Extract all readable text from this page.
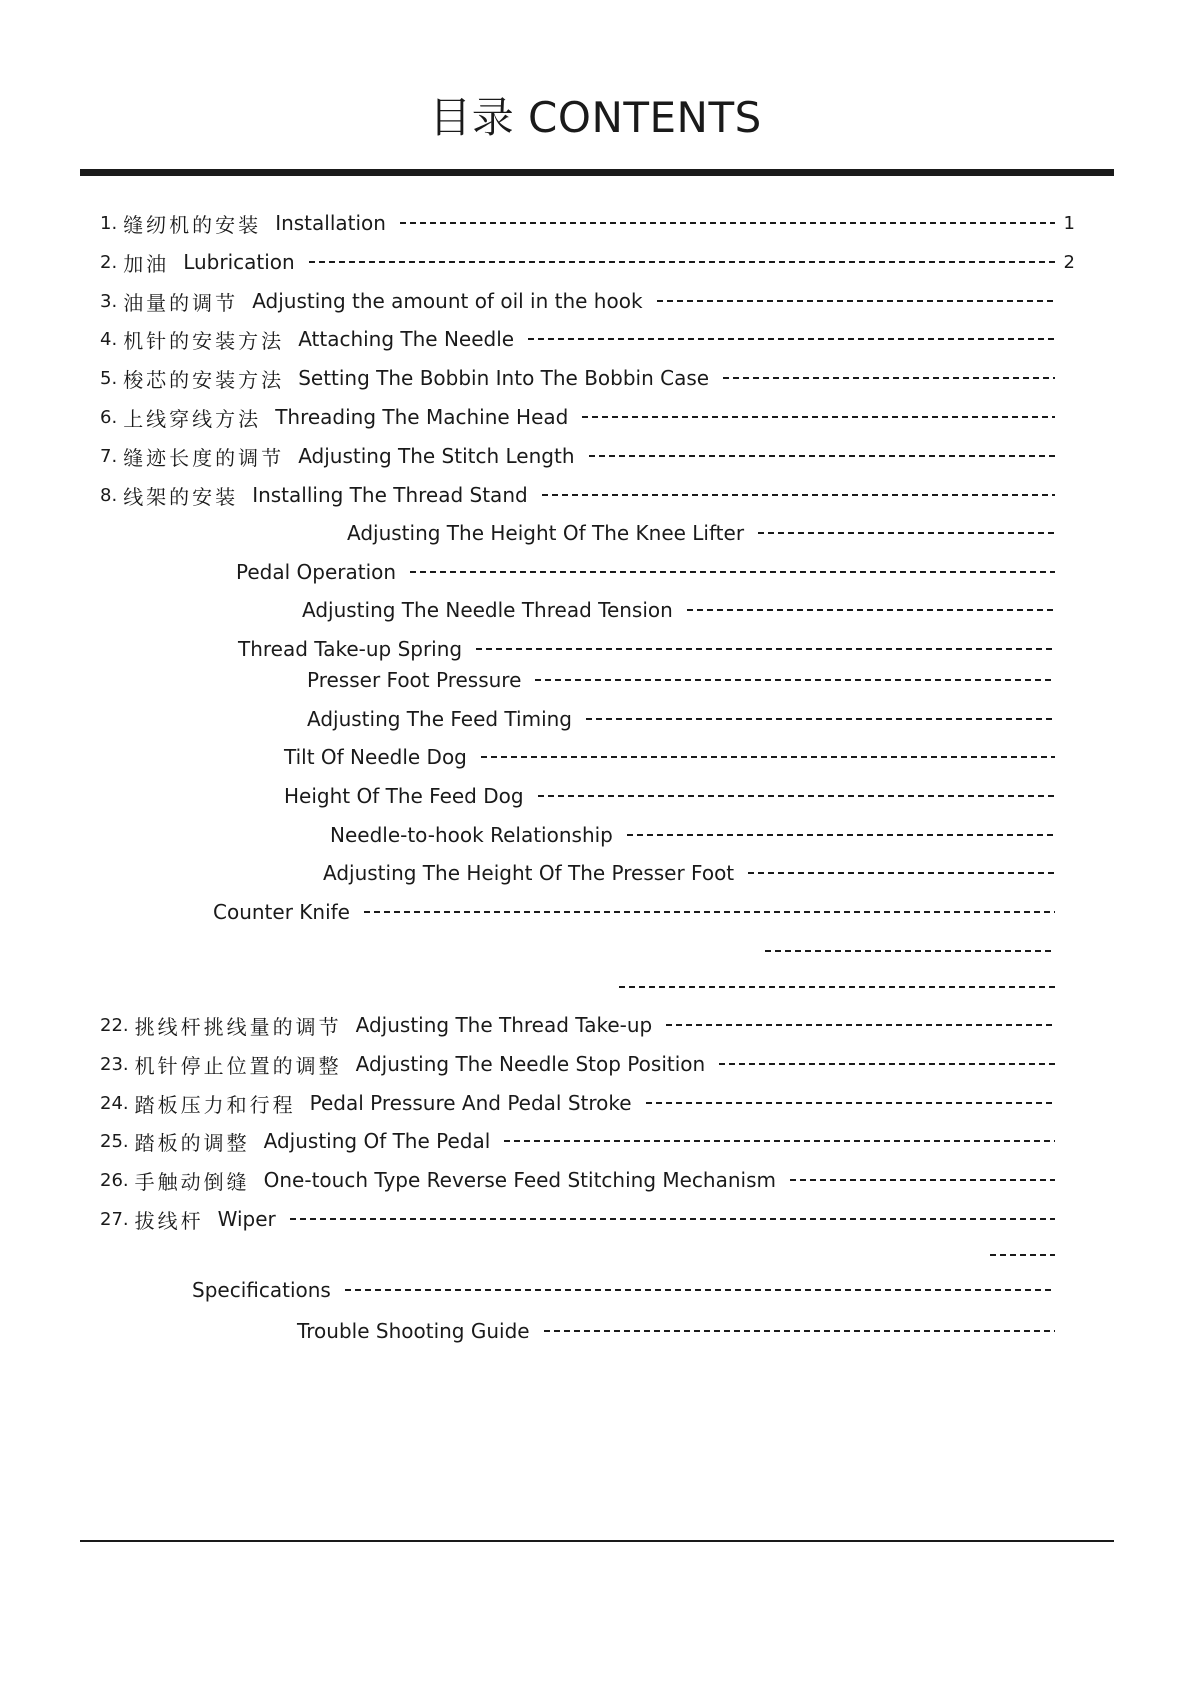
目录 CONTENTS
1. 缝纫机的安装 Installation	1
2. 加油 Lubrication	2
3. 油量的调节 Adjusting the amount of oil in the hook
4. 机针的安装方法 Attaching The Needle
5. 梭芯的安装方法 Setting The Bobbin Into The Bobbin Case
6. 上线穿线方法 Threading The Machine Head
7. 缝迹长度的调节 Adjusting The Stitch Length
8. 线架的安装 Installing The Thread Stand
Adjusting The Height Of The Knee Lifter
Pedal Operation
Adjusting The Needle Thread Tension
Thread Take-up Spring
Presser Foot Pressure
Adjusting The Feed Timing
Tilt Of Needle Dog
Height Of The Feed Dog
Needle-to-hook Relationship
Adjusting The Height Of The Presser Foot
Counter Knife
22. 挑线杆挑线量的调节 Adjusting The Thread Take-up
23. 机针停止位置的调整 Adjusting The Needle Stop Position
24. 踏板压力和行程 Pedal Pressure And Pedal Stroke
25. 踏板的调整 Adjusting Of The Pedal
26. 手触动倒缝 One-touch Type Reverse Feed Stitching Mechanism
27. 拔线杆 Wiper
Specifications
Trouble Shooting Guide
